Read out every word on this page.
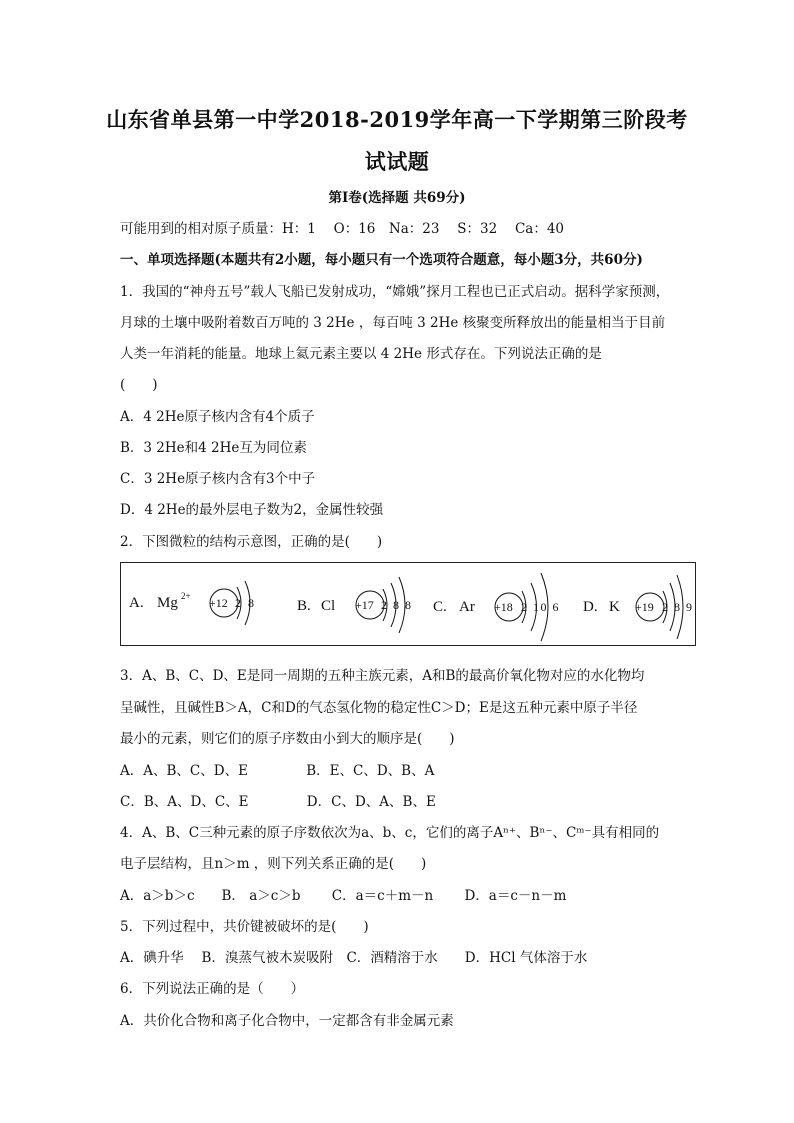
山东省单县第一中学2018-2019学年高一下学期第三阶段考
试试题
第Ⅰ卷(选择题 共69分)
可能用到的相对原子质量：H：1　 O：16　Na：23　 S：32　 Ca：40
一、单项选择题(本题共有2小题，每小题只有一个选项符合题意，每小题3分，共60分)
1．我国的“神舟五号”载人飞船已发射成功，“嫦娥”探月工程也已正式启动。据科学家预测，
月球的土壤中吸附着数百万吨的 3 2He ，每百吨 3 2He 核聚变所释放出的能量相当于目前
人类一年消耗的能量。地球上氦元素主要以 4 2He 形式存在。下列说法正确的是
(　　)
A．4 2He原子核内含有4个质子
B．3 2He和4 2He互为同位素
C．3 2He原子核内含有3个中子
D．4 2He的最外层电子数为2，金属性较强
2．下图微粒的结构示意图，正确的是(　　)
A. Mg 2+ +12 2 8	B. Cl +17 2 8 8 C. Ar +18 2 10 6 D. K +19 2 8 9
3．A、B、C、D、E是同一周期的五种主族元素，A和B的最高价氧化物对应的水化物均
呈碱性，且碱性B＞A，C和D的气态氢化物的稳定性C＞D；E是这五种元素中原子半径
最小的元素，则它们的原子序数由小到大的顺序是(　　)
A．A、B、C、D、E　　　　 B．E、C、D、B、A
C．B、A、D、C、E　　　　 D．C、D、A、B、E
4．A、B、C三种元素的原子序数依次为a、b、c，它们的离子Aⁿ⁺、Bⁿ⁻、Cᵐ⁻具有相同的
电子层结构，且n＞m ，则下列关系正确的是(　　)
A．a＞b＞c　　B． a＞c＞b　　 C．a＝c＋m－n　　 D．a＝c－n－m
5．下列过程中，共价键被破坏的是(　　)
A．碘升华　 B．溴蒸气被木炭吸附　C．酒精溶于水　　D．HCl 气体溶于水
6．下列说法正确的是（　　）
A．共价化合物和离子化合物中，一定都含有非金属元素
